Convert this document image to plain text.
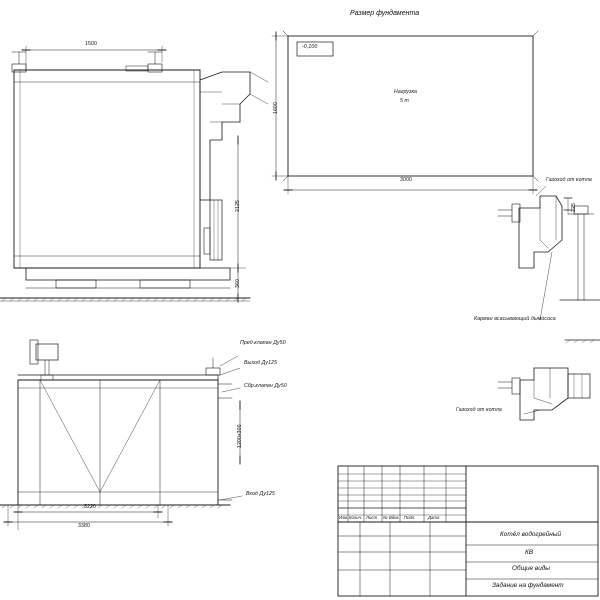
Размер фундамента
-0,100
Нагрузка
5 т
3000
1600
1500
2125
360
3220
3380
1200x300
Пред.клапан Ду50
Выход Ду125
Сбр.клапан Ду50
Вход Ду125
Газоход от котла
225
Карман всасывающий дымососа
Газоход от котла
Изм. Колич. Лист № Вдок. Подп.	Дата
Котёл водогрейный
КВ
Общие виды
Задание на фундамент
